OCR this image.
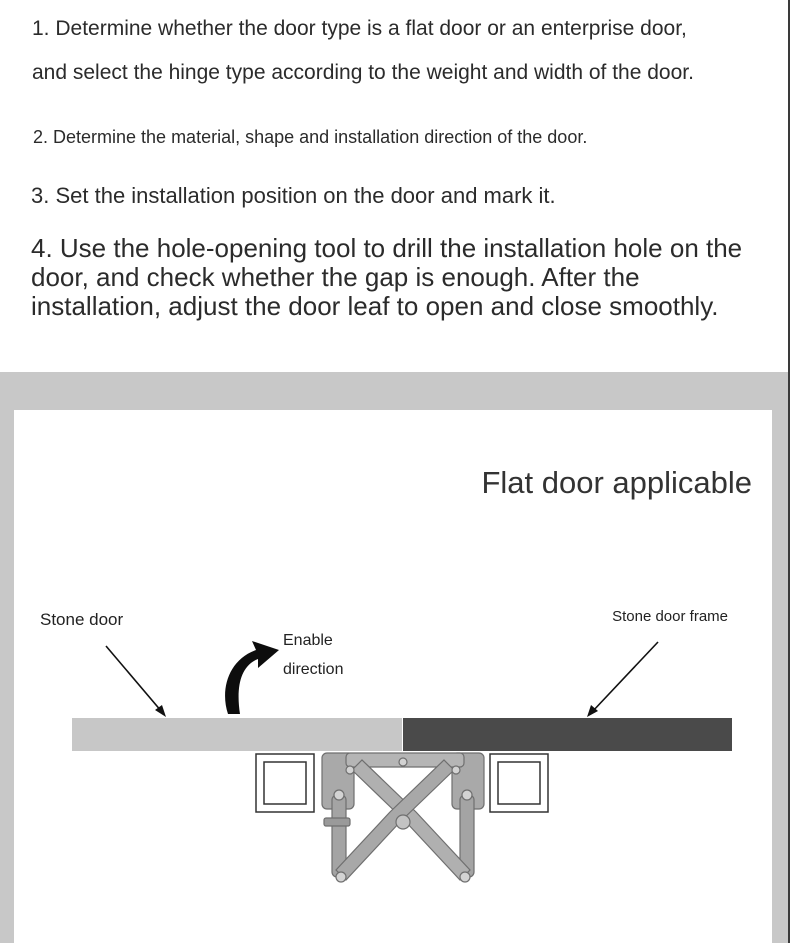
1. Determine whether the door type is a flat door or an enterprise door,

and select the hinge type according to the weight and width of the door.

2. Determine the material, shape and installation direction of the door.

3. Set the installation position on the door and mark it.

4. Use the hole-opening tool to drill the installation hole on the door, and check whether the gap is enough. After the installation, adjust the door leaf to open and close smoothly.

Flat door applicable
Stone door	Stone door frame
Enable
direction
